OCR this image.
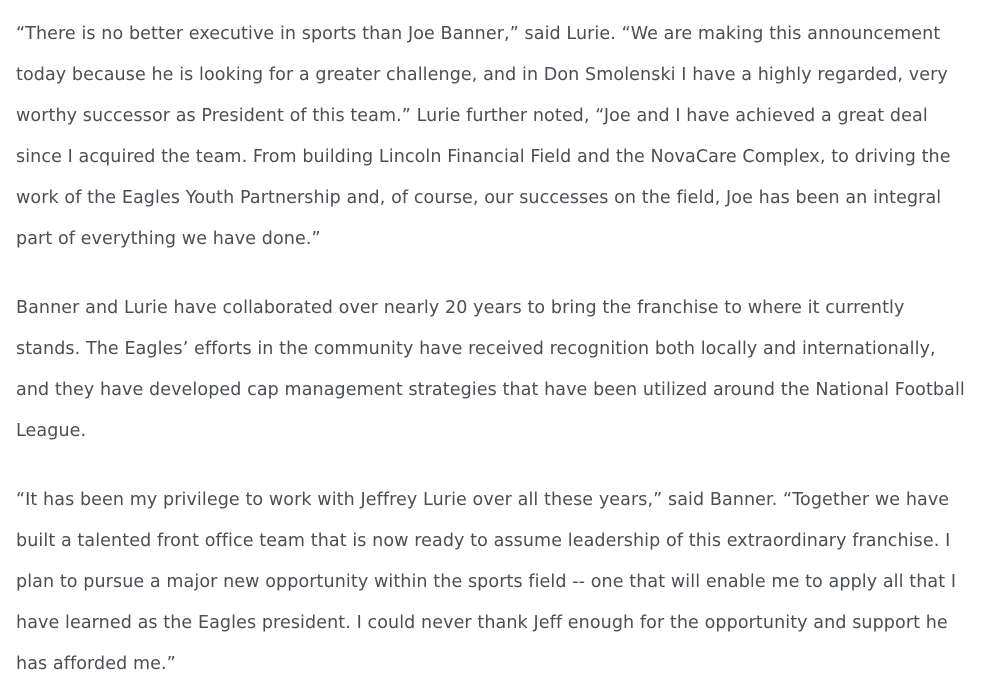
“There is no better executive in sports than Joe Banner,” said Lurie. “We are making this announcement today because he is looking for a greater challenge, and in Don Smolenski I have a highly regarded, very worthy successor as President of this team.” Lurie further noted, “Joe and I have achieved a great deal since I acquired the team. From building Lincoln Financial Field and the NovaCare Complex, to driving the work of the Eagles Youth Partnership and, of course, our successes on the field, Joe has been an integral part of everything we have done.”

Banner and Lurie have collaborated over nearly 20 years to bring the franchise to where it currently stands. The Eagles’ efforts in the community have received recognition both locally and internationally, and they have developed cap management strategies that have been utilized around the National Football League.

“It has been my privilege to work with Jeffrey Lurie over all these years,” said Banner. “Together we have built a talented front office team that is now ready to assume leadership of this extraordinary franchise. I plan to pursue a major new opportunity within the sports field -- one that will enable me to apply all that I have learned as the Eagles president. I could never thank Jeff enough for the opportunity and support he has afforded me.”
